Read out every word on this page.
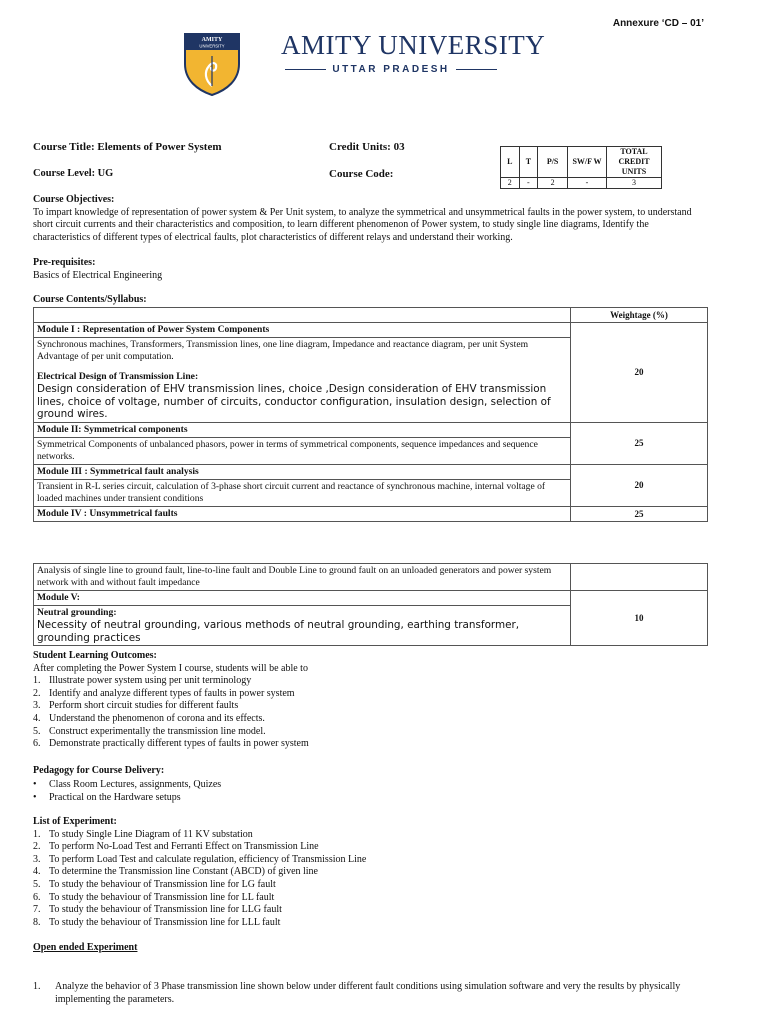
Annexure ‘CD – 01’
AMITY
UNIVERSITY AMITY UNIVERSITY
UTTAR PRADESH
Course Title: Elements of Power System	Credit Units: 03
Course Level: UG	Course Code:
L	T	P/S	SW/F W	TOTAL CREDIT UNITS
2	-	2	-	3
Course Objectives:
To impart knowledge of representation of power system & Per Unit system, to analyze the symmetrical and unsymmetrical faults in the power system, to understand short circuit currents and their characteristics and composition, to learn different phenomenon of Power system, to study single line diagrams, Identify the characteristics of different types of electrical faults, plot characteristics of different relays and understand their working.
Pre-requisites:
Basics of Electrical Engineering
Course Contents/Syllabus:
	Weightage (%)
Module I : Representation of Power System Components	20

Synchronous machines, Transformers, Transmission lines, one line diagram, Impedance and reactance diagram, per unit System Advantage of per unit computation.
Electrical Design of Transmission Line:
Design consideration of EHV transmission lines, choice ,Design consideration of EHV transmission lines, choice of voltage, number of circuits, conductor configuration, insulation design, selection of ground wires.	

Module II: Symmetrical components	25
Symmetrical Components of unbalanced phasors, power in terms of symmetrical components, sequence impedances and sequence networks.	
Module III : Symmetrical fault analysis	20
Transient in R-L series circuit, calculation of 3-phase short circuit current and reactance of synchronous machine, internal voltage of loaded machines under transient conditions	
Module IV : Unsymmetrical faults	25
Analysis of single line to ground fault, line-to-line fault and Double Line to ground fault on an unloaded generators and power system network with and without fault impedance	
Module V:	10

Neutral grounding:
Necessity of neutral grounding, various methods of neutral grounding, earthing transformer, grounding practices	
Student Learning Outcomes:
After completing the Power System I course, students will be able to
1. Illustrate power system using per unit terminology
2. Identify and analyze different types of faults in power system
3. Perform short circuit studies for different faults
4. Understand the phenomenon of corona and its effects.
5. Construct experimentally the transmission line model.
6. Demonstrate practically different types of faults in power system
Pedagogy for Course Delivery:
•	Class Room Lectures, assignments, Quizes
•	Practical on the Hardware setups
List of Experiment:
1. To study Single Line Diagram of 11 KV substation
2. To perform No-Load Test and Ferranti Effect on Transmission Line
3. To perform Load Test and calculate regulation, efficiency of Transmission Line
4. To determine the Transmission line Constant (ABCD) of given line
5. To study the behaviour of Transmission line for LG fault
6. To study the behaviour of Transmission line for LL fault
7. To study the behaviour of Transmission line for LLG fault
8. To study the behaviour of Transmission line for LLL fault
Open ended Experiment
1.	Analyze the behavior of 3 Phase transmission line shown below under different fault conditions using simulation software and very the results by physically implementing the parameters.
